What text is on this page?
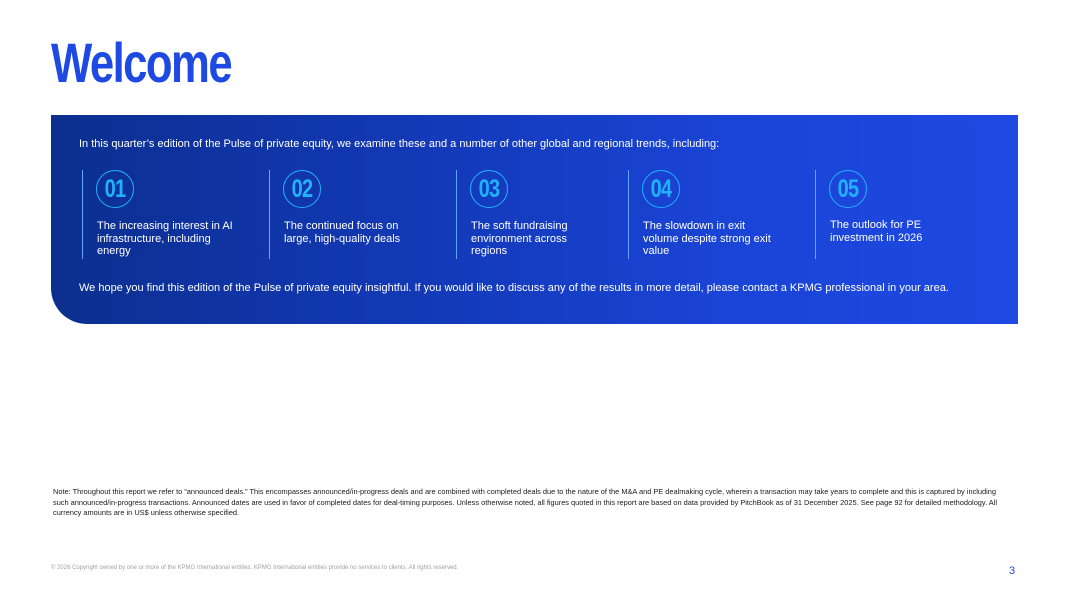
Welcome
In this quarter’s edition of the Pulse of private equity, we examine these and a number of other global and regional trends, including:
01
The increasing interest in AI infrastructure, including energy
02
The continued focus on large, high-quality deals
03
The soft fundraising environment across regions
04
The slowdown in exit volume despite strong exit value
05
The outlook for PE investment in 2026
We hope you find this edition of the Pulse of private equity insightful. If you would like to discuss any of the results in more detail, please contact a KPMG professional in your area.
Note: Throughout this report we refer to “announced deals.” This encompasses announced/in-progress deals and are combined with completed deals due to the nature of the M&A and PE dealmaking cycle, wherein a transaction may take years to complete and this is captured by including such announced/in-progress transactions. Announced dates are used in favor of completed dates for deal-timing purposes. Unless otherwise noted, all figures quoted in this report are based on data provided by PitchBook as of 31 December 2025. See page 92 for detailed methodology. All currency amounts are in US$ unless otherwise specified.
© 2026 Copyright owned by one or more of the KPMG International entities. KPMG International entities provide no services to clients. All rights reserved.	3
